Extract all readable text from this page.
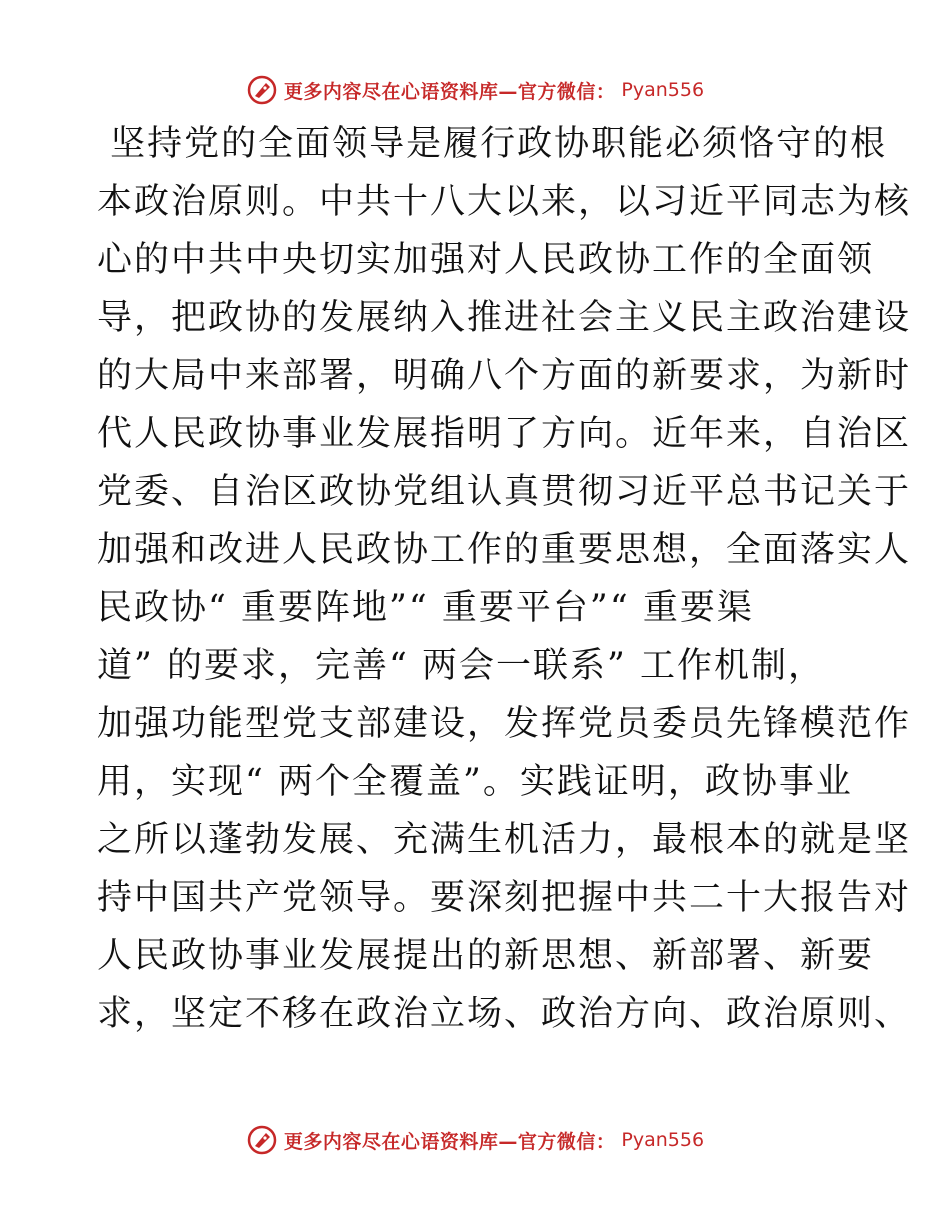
更多内容尽在心语资料库—官方微信： Pyan556
坚持党的全面领导是履行政协职能必须恪守的根
本政治原则。中共十八大以来，以习近平同志为核
心的中共中央切实加强对人民政协工作的全面领
导，把政协的发展纳入推进社会主义民主政治建设
的大局中来部署，明确八个方面的新要求，为新时
代人民政协事业发展指明了方向。近年来，自治区
党委、自治区政协党组认真贯彻习近平总书记关于
加强和改进人民政协工作的重要思想，全面落实人
民政协“ 重要阵地”“ 重要平台”“ 重要渠
道” 的要求，完善“ 两会一联系” 工作机制，
加强功能型党支部建设，发挥党员委员先锋模范作
用，实现“ 两个全覆盖”。实践证明，政协事业
之所以蓬勃发展、充满生机活力，最根本的就是坚
持中国共产党领导。要深刻把握中共二十大报告对
人民政协事业发展提出的新思想、新部署、新要
求，坚定不移在政治立场、政治方向、政治原则、
更多内容尽在心语资料库—官方微信： Pyan556
